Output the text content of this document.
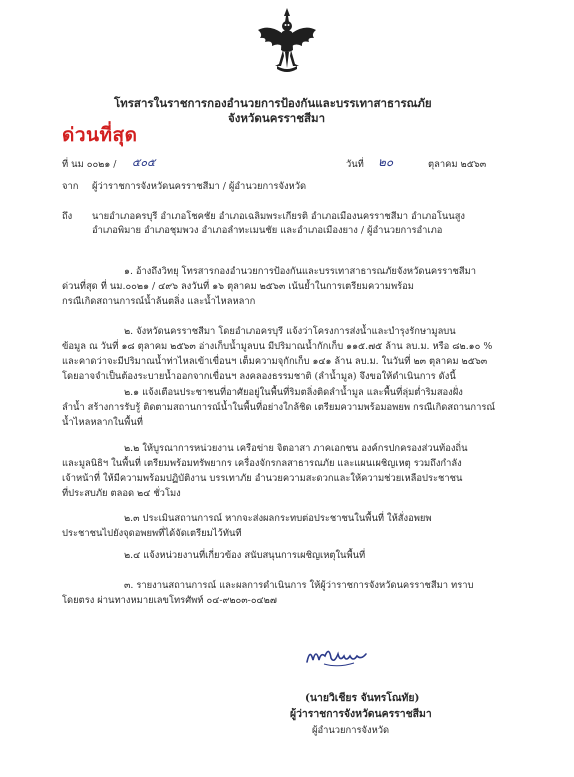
โทรสารในราชการกองอำนวยการป้องกันและบรรเทาสาธารณภัย
จังหวัดนครราชสีมา
ด่วนที่สุด
ที่ นม ๐๐๒๑ / ๕๐๕	วันที่ ๒๐	ตุลาคม ๒๕๖๓
จาก ผู้ว่าราชการจังหวัดนครราชสีมา / ผู้อำนวยการจังหวัด
ถึง นายอำเภอครบุรี อำเภอโชคชัย อำเภอเฉลิมพระเกียรติ อำเภอเมืองนครราชสีมา อำเภอโนนสูง
อำเภอพิมาย อำเภอชุมพวง อำเภอลำทะเมนชัย และอำเภอเมืองยาง / ผู้อำนวยการอำเภอ
๑. อ้างถึงวิทยุ โทรสารกองอำนวยการป้องกันและบรรเทาสาธารณภัยจังหวัดนครราชสีมา
ด่วนที่สุด ที่ นม.๐๐๒๑ / ๔๙๖ ลงวันที่ ๑๖ ตุลาคม ๒๕๖๓ เน้นย้ำในการเตรียมความพร้อม
กรณีเกิดสถานการณ์น้ำล้นตลิ่ง และน้ำไหลหลาก
๒. จังหวัดนครราชสีมา โดยอำเภอครบุรี แจ้งว่าโครงการส่งน้ำและบำรุงรักษามูลบน
ข้อมูล ณ วันที่ ๑๘ ตุลาคม ๒๕๖๓ อ่างเก็บน้ำมูลบน มีปริมาณน้ำกักเก็บ ๑๑๕.๗๕ ล้าน ลบ.ม. หรือ ๘๒.๑๐ %
และคาดว่าจะมีปริมาณน้ำท่าไหลเข้าเขื่อนฯ เต็มความจุกักเก็บ ๑๔๑ ล้าน ลบ.ม. ในวันที่ ๒๓ ตุลาคม ๒๕๖๓
โดยอาจจำเป็นต้องระบายน้ำออกจากเขื่อนฯ ลงคลองธรรมชาติ (ลำน้ำมูล) จึงขอให้ดำเนินการ ดังนี้
๒.๑ แจ้งเตือนประชาชนที่อาศัยอยู่ในพื้นที่ริมตลิ่งติดลำน้ำมูล และพื้นที่ลุ่มต่ำริมสองฝั่ง
ลำน้ำ สร้างการรับรู้ ติดตามสถานการณ์น้ำในพื้นที่อย่างใกล้ชิด เตรียมความพร้อมอพยพ กรณีเกิดสถานการณ์
น้ำไหลหลากในพื้นที่
๒.๒ ให้บูรณาการหน่วยงาน เครือข่าย จิตอาสา ภาคเอกชน องค์กรปกครองส่วนท้องถิ่น
และมูลนิธิฯ ในพื้นที่ เตรียมพร้อมทรัพยากร เครื่องจักรกลสาธารณภัย และแผนเผชิญเหตุ รวมถึงกำลัง
เจ้าหน้าที่ ให้มีความพร้อมปฏิบัติงาน บรรเทาภัย อำนวยความสะดวกและให้ความช่วยเหลือประชาชน
ที่ประสบภัย ตลอด ๒๔ ชั่วโมง
๒.๓ ประเมินสถานการณ์ หากจะส่งผลกระทบต่อประชาชนในพื้นที่ ให้สั่งอพยพ
ประชาชนไปยังจุดอพยพที่ได้จัดเตรียมไว้ทันที
๒.๔ แจ้งหน่วยงานที่เกี่ยวข้อง สนับสนุนการเผชิญเหตุในพื้นที่
๓. รายงานสถานการณ์ และผลการดำเนินการ ให้ผู้ว่าราชการจังหวัดนครราชสีมา ทราบ
โดยตรง ผ่านทางหมายเลขโทรศัพท์ ๐๔-๙๒๐๓-๐๔๒๗
(นายวิเชียร จันทรโณทัย)
ผู้ว่าราชการจังหวัดนครราชสีมา
ผู้อำนวยการจังหวัด
